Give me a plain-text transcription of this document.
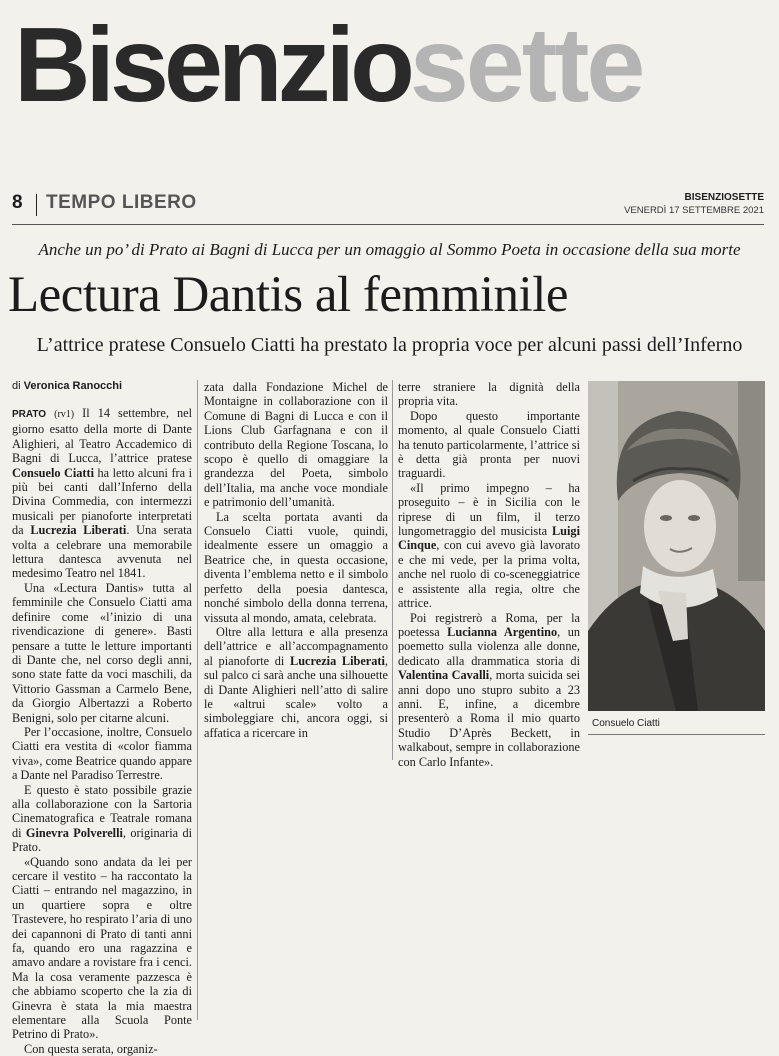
Bisenziosette
8 TEMPO LIBERO	BISENZIOSETTE
VENERDÌ 17 SETTEMBRE 2021
Anche un po’ di Prato ai Bagni di Lucca per un omaggio al Sommo Poeta in occasione della sua morte
Lectura Dantis al femminile
L’attrice pratese Consuelo Ciatti ha prestato la propria voce per alcuni passi dell’Inferno
di Veronica Ranocchi

PRATO (rv1) Il 14 settembre, nel giorno esatto della morte di Dante Alighieri, al Teatro Accademico di Bagni di Lucca, l’attrice pratese Consuelo Ciatti ha letto alcuni fra i più bei canti dall’Inferno della Divina Commedia, con intermezzi musicali per pianoforte interpretati da Lucrezia Liberati. Una serata volta a celebrare una memorabile lettura dantesca avvenuta nel medesimo Teatro nel 1841.

Una «Lectura Dantis» tutta al femminile che Consuelo Ciatti ama definire come «l’inizio di una rivendicazione di genere». Basti pensare a tutte le letture importanti di Dante che, nel corso degli anni, sono state fatte da voci maschili, da Vittorio Gassman a Carmelo Bene, da Giorgio Albertazzi a Roberto Benigni, solo per citarne alcuni.

Per l’occasione, inoltre, Consuelo Ciatti era vestita di «color fiamma viva», come Beatrice quando appare a Dante nel Paradiso Terrestre.

E questo è stato possibile grazie alla collaborazione con la Sartoria Cinematografica e Teatrale romana di Ginevra Polverelli, originaria di Prato.

«Quando sono andata da lei per cercare il vestito – ha raccontato la Ciatti – entrando nel magazzino, in un quartiere sopra e oltre Trastevere, ho respirato l’aria di uno dei capannoni di Prato di tanti anni fa, quando ero una ragazzina e amavo andare a rovistare fra i cenci. Ma la cosa veramente pazzesca è che abbiamo scoperto che la zia di Ginevra è stata la mia maestra elementare alla Scuola Ponte Petrino di Prato».

Con questa serata, organiz-

zata dalla Fondazione Michel de Montaigne in collaborazione con il Comune di Bagni di Lucca e con il Lions Club Garfagnana e con il contributo della Regione Toscana, lo scopo è quello di omaggiare la grandezza del Poeta, simbolo dell’Italia, ma anche voce mondiale e patrimonio dell’umanità.

La scelta portata avanti da Consuelo Ciatti vuole, quindi, idealmente essere un omaggio a Beatrice che, in questa occasione, diventa l’emblema netto e il simbolo perfetto della poesia dantesca, nonché simbolo della donna terrena, vissuta al mondo, amata, celebrata.

Oltre alla lettura e alla presenza dell’attrice e all’accompagnamento al pianoforte di Lucrezia Liberati, sul palco ci sarà anche una silhouette di Dante Alighieri nell’atto di salire le «altrui scale» volto a simboleggiare chi, ancora oggi, si affatica a ricercare in

terre straniere la dignità della propria vita.

Dopo questo importante momento, al quale Consuelo Ciatti ha tenuto particolarmente, l’attrice si è detta già pronta per nuovi traguardi.

«Il primo impegno – ha proseguito – è in Sicilia con le riprese di un film, il terzo lungometraggio del musicista Luigi Cinque, con cui avevo già lavorato e che mi vede, per la prima volta, anche nel ruolo di co-sceneggiatrice e assistente alla regia, oltre che attrice.

Poi registrerò a Roma, per la poetessa Lucianna Argentino, un poemetto sulla violenza alle donne, dedicato alla drammatica storia di Valentina Cavalli, morta suicida sei anni dopo uno stupro subito a 23 anni. E, infine, a dicembre presenterò a Roma il mio quarto Studio D’Après Beckett, in walkabout, sempre in collaborazione con Carlo Infante».

Consuelo Ciatti
